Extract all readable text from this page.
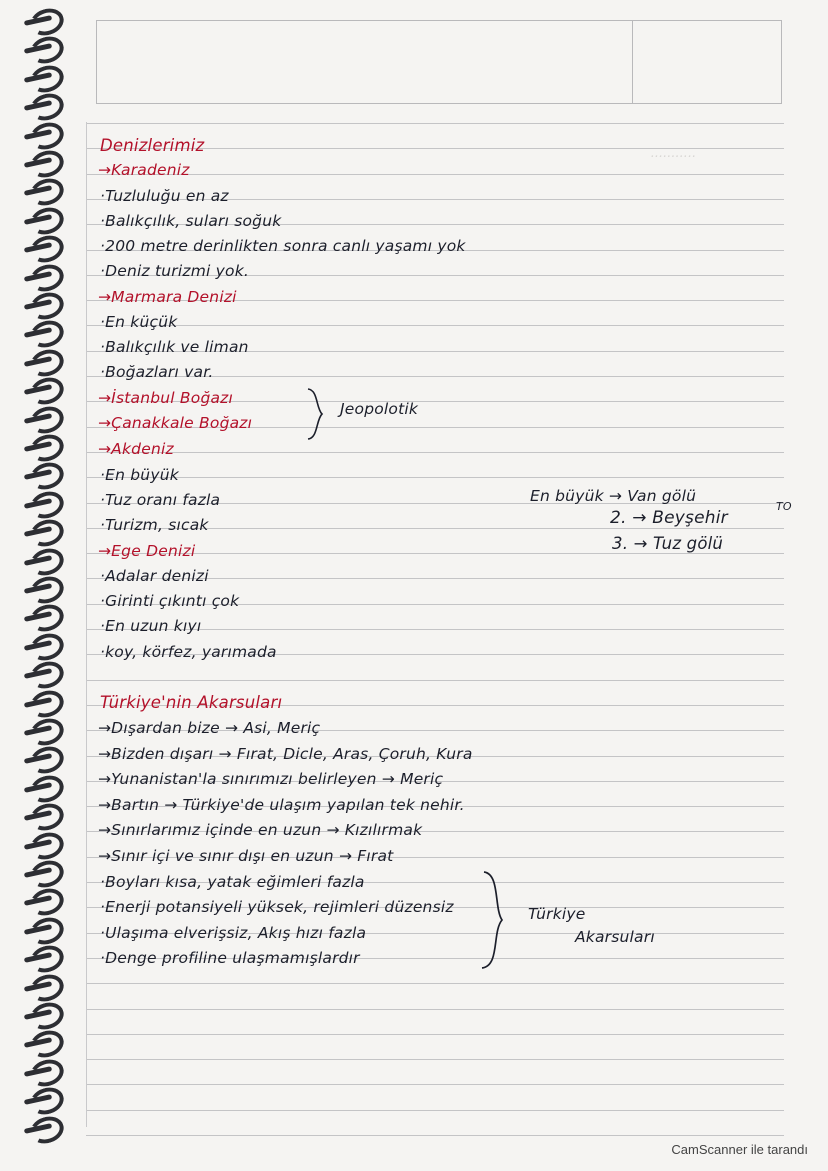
···········
Denizlerimiz
→Karadeniz
·Tuzluluğu en az
·Balıkçılık, suları soğuk
·200 metre derinlikten sonra canlı yaşamı yok
·Deniz turizmi yok.
→Marmara Denizi
·En küçük
·Balıkçılık ve liman
·Boğazları var.
→İstanbul Boğazı
→Çanakkale Boğazı
Jeopolotik
→Akdeniz
·En büyük
·Tuz oranı fazla
·Turizm, sıcak
En büyük → Van gölü
2. → Beyşehir
TO
3. → Tuz gölü
→Ege Denizi
·Adalar denizi
·Girinti çıkıntı çok
·En uzun kıyı
·koy, körfez, yarımada
Türkiye'nin Akarsuları
→Dışardan bize → Asi, Meriç
→Bizden dışarı → Fırat, Dicle, Aras, Çoruh, Kura
→Yunanistan'la sınırımızı belirleyen → Meriç
→Bartın → Türkiye'de ulaşım yapılan tek nehir.
→Sınırlarımız içinde en uzun → Kızılırmak
→Sınır içi ve sınır dışı en uzun → Fırat
·Boyları kısa, yatak eğimleri fazla
·Enerji potansiyeli yüksek, rejimleri düzensiz
·Ulaşıma elverişsiz, Akış hızı fazla
·Denge profiline ulaşmamışlardır
Türkiye
Akarsuları
CamScanner ile tarandı
